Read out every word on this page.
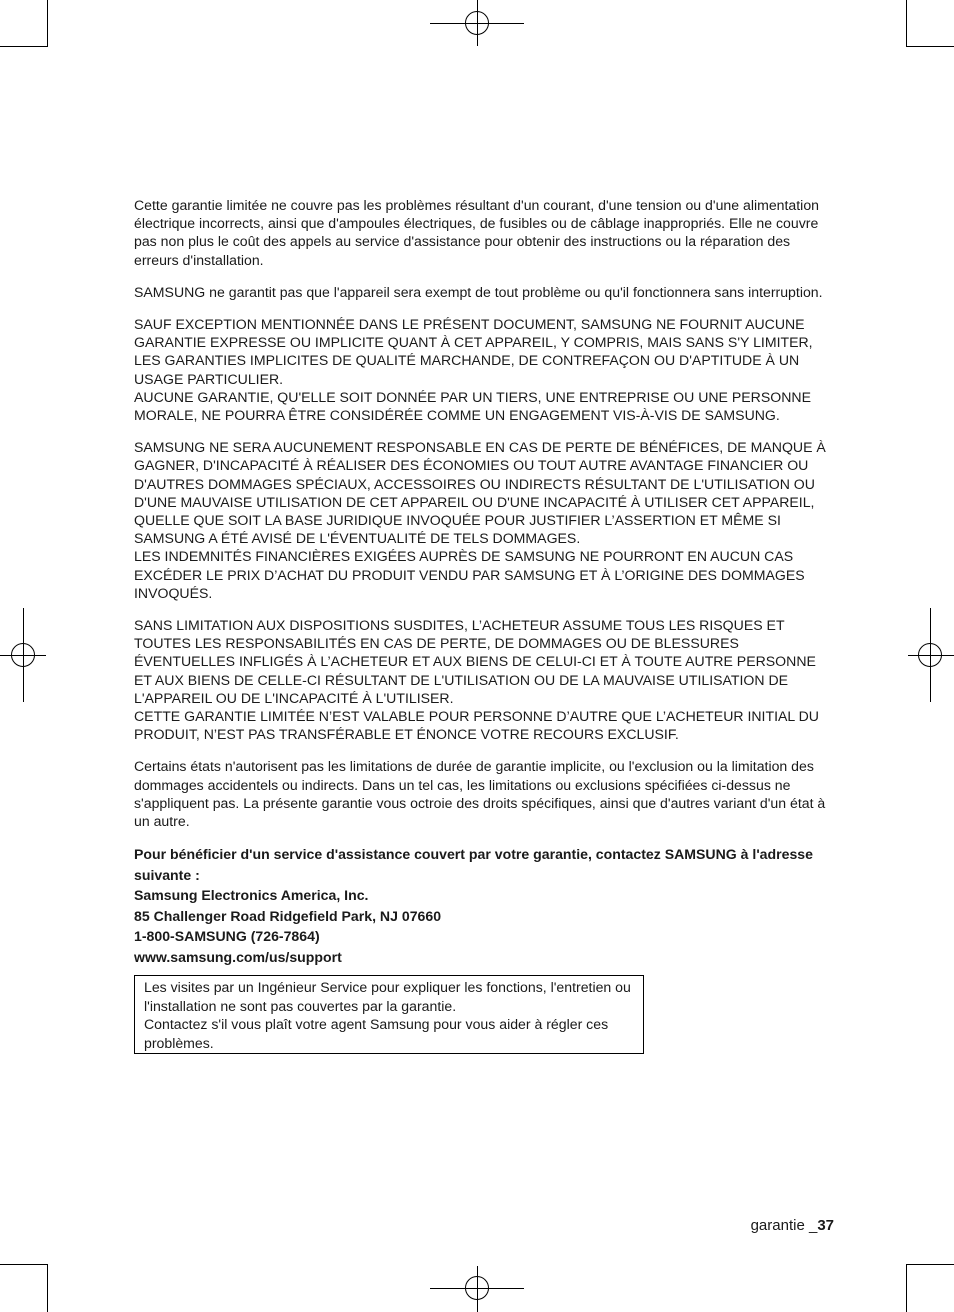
Cette garantie limitée ne couvre pas les problèmes résultant d'un courant, d'une tension ou d'une alimentation électrique incorrects, ainsi que d'ampoules électriques, de fusibles ou de câblage inappropriés. Elle ne couvre pas non plus le coût des appels au service d'assistance pour obtenir des instructions ou la réparation des erreurs d'installation.

SAMSUNG ne garantit pas que l'appareil sera exempt de tout problème ou qu'il fonctionnera sans interruption.

SAUF EXCEPTION MENTIONNÉE DANS LE PRÉSENT DOCUMENT, SAMSUNG NE FOURNIT AUCUNE GARANTIE EXPRESSE OU IMPLICITE QUANT À CET APPAREIL, Y COMPRIS, MAIS SANS S'Y LIMITER, LES GARANTIES IMPLICITES DE QUALITÉ MARCHANDE, DE CONTREFAÇON OU D'APTITUDE À UN USAGE PARTICULIER.

AUCUNE GARANTIE, QU'ELLE SOIT DONNÉE PAR UN TIERS, UNE ENTREPRISE OU UNE PERSONNE MORALE, NE POURRA ÊTRE CONSIDÉRÉE COMME UN ENGAGEMENT VIS-À-VIS DE SAMSUNG.

SAMSUNG NE SERA AUCUNEMENT RESPONSABLE EN CAS DE PERTE DE BÉNÉFICES, DE MANQUE À GAGNER, D'INCAPACITÉ À RÉALISER DES ÉCONOMIES OU TOUT AUTRE AVANTAGE FINANCIER OU D'AUTRES DOMMAGES SPÉCIAUX, ACCESSOIRES OU INDIRECTS RÉSULTANT DE L'UTILISATION OU D'UNE MAUVAISE UTILISATION DE CET APPAREIL OU D'UNE INCAPACITÉ À UTILISER CET APPAREIL, QUELLE QUE SOIT LA BASE JURIDIQUE INVOQUÉE POUR JUSTIFIER L’ASSERTION ET MÊME SI SAMSUNG A ÉTÉ AVISÉ DE L'ÉVENTUALITÉ DE TELS DOMMAGES.

LES INDEMNITÉS FINANCIÈRES EXIGÉES AUPRÈS DE SAMSUNG NE POURRONT EN AUCUN CAS EXCÉDER LE PRIX D’ACHAT DU PRODUIT VENDU PAR SAMSUNG ET À L’ORIGINE DES DOMMAGES INVOQUÉS.

SANS LIMITATION AUX DISPOSITIONS SUSDITES, L’ACHETEUR ASSUME TOUS LES RISQUES ET TOUTES LES RESPONSABILITÉS EN CAS DE PERTE, DE DOMMAGES OU DE BLESSURES ÉVENTUELLES INFLIGÉS À L’ACHETEUR ET AUX BIENS DE CELUI-CI ET À TOUTE AUTRE PERSONNE ET AUX BIENS DE CELLE-CI RÉSULTANT DE L'UTILISATION OU DE LA MAUVAISE UTILISATION DE L'APPAREIL OU DE L'INCAPACITÉ À L'UTILISER.

CETTE GARANTIE LIMITÉE N’EST VALABLE POUR PERSONNE D’AUTRE QUE L’ACHETEUR INITIAL DU PRODUIT, N’EST PAS TRANSFÉRABLE ET ÉNONCE VOTRE RECOURS EXCLUSIF.

Certains états n'autorisent pas les limitations de durée de garantie implicite, ou l'exclusion ou la limitation des dommages accidentels ou indirects. Dans un tel cas, les limitations ou exclusions spécifiées ci-dessus ne s'appliquent pas. La présente garantie vous octroie des droits spécifiques, ainsi que d'autres variant d'un état à un autre.

Pour bénéficier d'un service d'assistance couvert par votre garantie, contactez SAMSUNG à l'adresse suivante :

Samsung Electronics America, Inc.

85 Challenger Road Ridgefield Park, NJ 07660

1-800-SAMSUNG (726-7864)

www.samsung.com/us/support

Les visites par un Ingénieur Service pour expliquer les fonctions, l'entretien ou l'installation ne sont pas couvertes par la garantie.

Contactez s'il vous plaît votre agent Samsung pour vous aider à régler ces problèmes.

garantie _37
